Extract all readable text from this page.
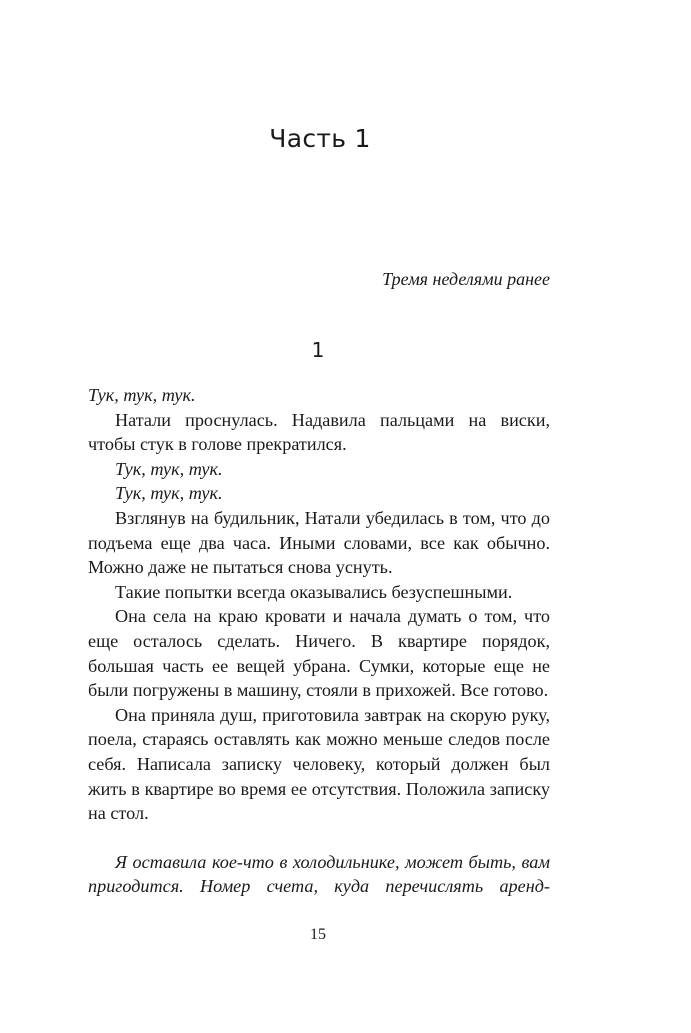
Часть 1
Тремя неделями ранее
1

Тук, тук, тук.

Натали проснулась. Надавила пальцами на виски, чтобы стук в голове прекратился.

Тук, тук, тук.

Тук, тук, тук.

Взглянув на будильник, Натали убедилась в том, что до подъема еще два часа. Иными словами, все как обычно. Можно даже не пытаться снова уснуть.

Такие попытки всегда оказывались безуспешными.

Она села на краю кровати и начала думать о том, что еще осталось сделать. Ничего. В квартире порядок, большая часть ее вещей убрана. Сумки, которые еще не были погружены в машину, стояли в прихожей. Все готово.

Она приняла душ, приготовила завтрак на скорую руку, поела, стараясь оставлять как можно меньше следов после себя. Написала записку человеку, который должен был жить в квартире во время ее отсутствия. Положила записку на стол.

Я оставила кое-что в холодильнике, может быть, вам пригодится. Номер счета, куда перечислять аренд-

15
